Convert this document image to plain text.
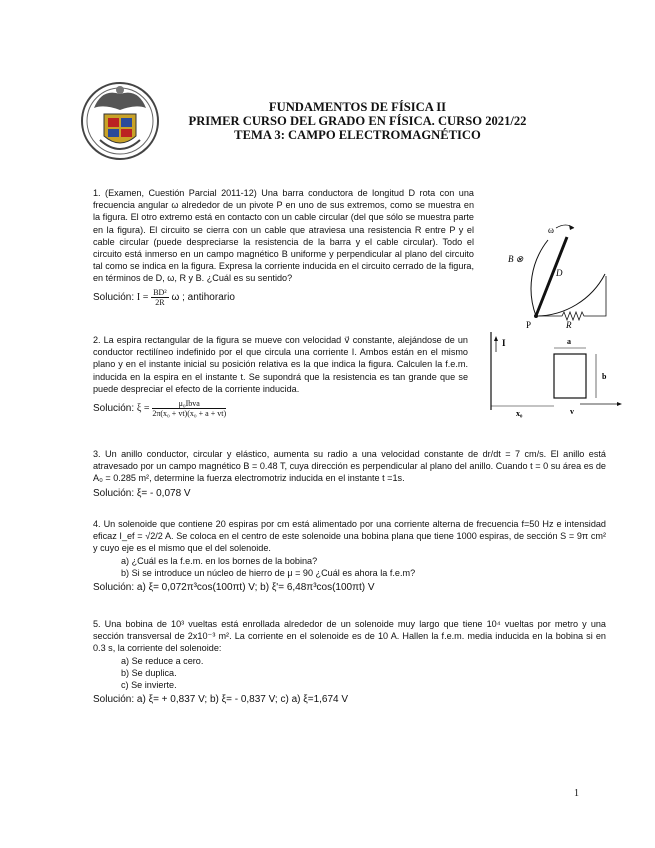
FUNDAMENTOS DE FÍSICA II
PRIMER CURSO DEL GRADO EN FÍSICA. CURSO 2021/22
TEMA 3: CAMPO ELECTROMAGNÉTICO

1. (Examen, Cuestión Parcial 2011-12) Una barra conductora de longitud D rota con una frecuencia angular ω alrededor de un pivote P en uno de sus extremos, como se muestra en la figura. El otro extremo está en contacto con un cable circular (del que sólo se muestra parte en la figura). El circuito se cierra con un cable que atraviesa una resistencia R entre P y el cable circular (puede despreciarse la resistencia de la barra y el cable circular). Todo el circuito está inmerso en un campo magnético B uniforme y perpendicular al plano del circuito tal como se indica en la figura. Expresa la corriente inducida en el circuito cerrado de la figura, en términos de D, ω, R y B. ¿Cuál es su sentido?

Solución: $I = \frac{\text{BD²}}{2R}$ ω ; antihorario
ω
B ⊗
D
P	R

2. La espira rectangular de la figura se mueve con velocidad v⃗ constante, alejándose de un conductor rectilíneo indefinido por el que circula una corriente I. Ambos están en el mismo plano y en el instante inicial su posición relativa es la que indica la figura. Calculen la f.e.m. inducida en la espira en el instante t. Se supondrá que la resistencia es tan grande que se puede despreciar el efecto de la corriente inducida.

Solución: $\xi = \frac{\text{μ₀Ibva}}{\text{2π(x₀ + vt)(x₀ + a + vt)}}$
I	a
b
x₀	v⃗

3. Un anillo conductor, circular y elástico, aumenta su radio a una velocidad constante de dr/dt = 7 cm/s. El anillo está atravesado por un campo magnético B = 0.48 T, cuya dirección es perpendicular al plano del anillo. Cuando t = 0 su área es de A₀ = 0.285 m², determine la fuerza electromotriz inducida en el instante t =1s.

Solución: ξ= - 0,078 V

4. Un solenoide que contiene 20 espiras por cm está alimentado por una corriente alterna de frecuencia f=50 Hz e intensidad eficaz I_ef = √2/2 A. Se coloca en el centro de este solenoide una bobina plana que tiene 1000 espiras, de sección S = 9π cm² y cuyo eje es el mismo que el del solenoide.

a) ¿Cuál es la f.e.m. en los bornes de la bobina?

b) Si se introduce un núcleo de hierro de μ = 90 ¿Cuál es ahora la f.e.m?

Solución: a) ξ= 0,072π³cos(100πt) V; b) ξ'= 6,48π³cos(100πt) V

5. Una bobina de 10³ vueltas está enrollada alrededor de un solenoide muy largo que tiene 10⁴ vueltas por metro y una sección transversal de 2x10⁻³ m². La corriente en el solenoide es de 10 A. Hallen la f.e.m. media inducida en la bobina si en 0.3 s, la corriente del solenoide:

a) Se reduce a cero.

b) Se duplica.

c) Se invierte.

Solución: a) ξ= + 0,837 V; b) ξ= - 0,837 V; c) a) ξ=1,674 V
1
